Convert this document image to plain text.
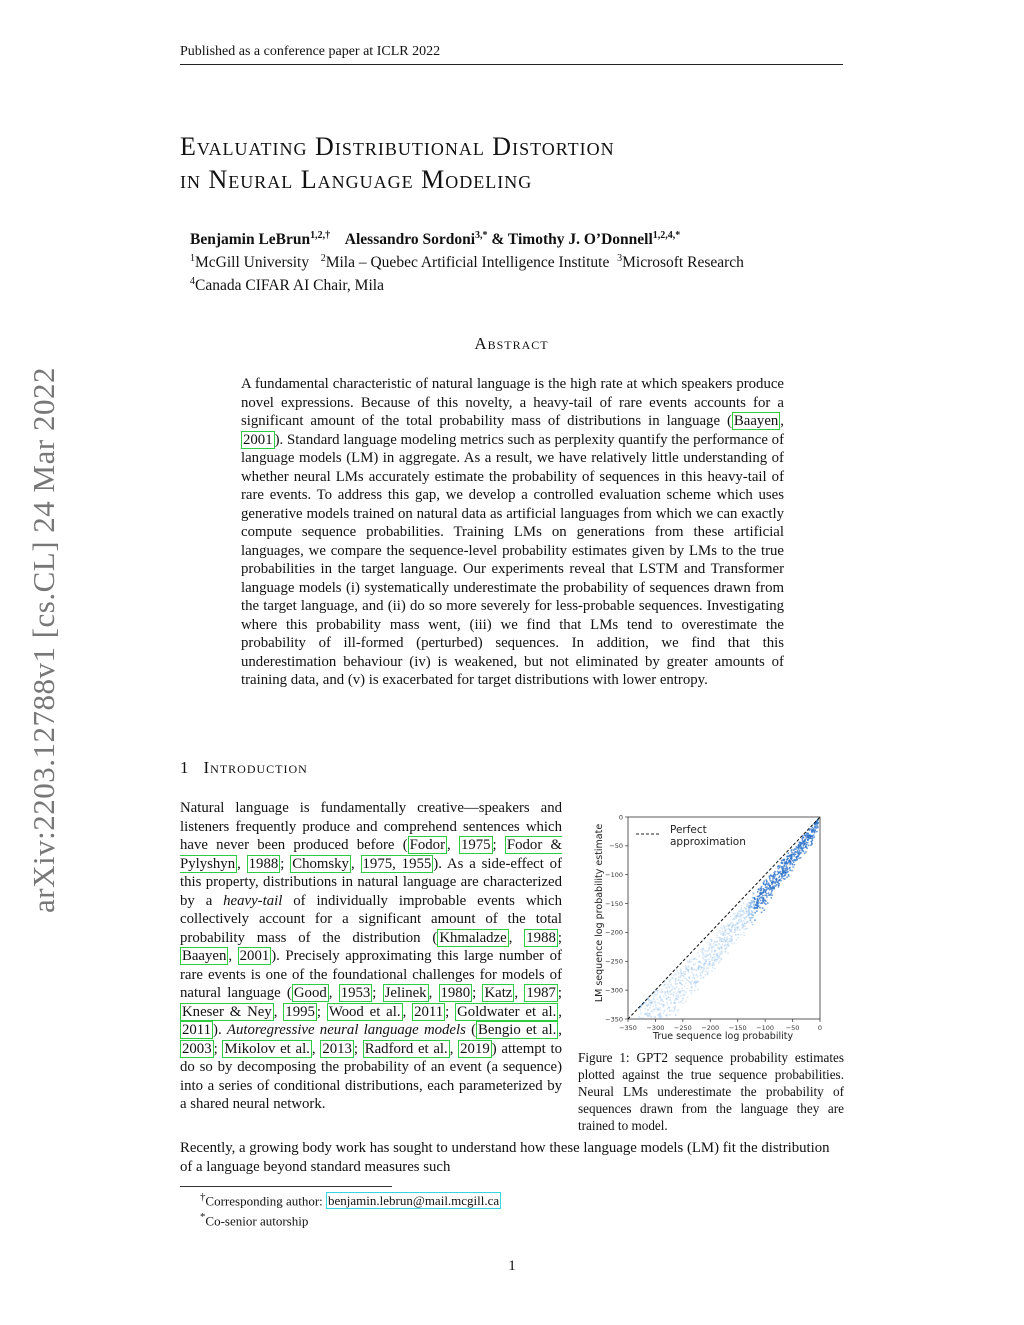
Published as a conference paper at ICLR 2022
arXiv:2203.12788v1 [cs.CL] 24 Mar 2022
Evaluating Distributional Distortion
in Neural Language Modeling
Benjamin LeBrun$^{1,2,\dagger}$ Alessandro Sordoni$^{3,*}$ & Timothy J. O’Donnell$^{1,2,4,*}$
$^1$McGill University $^2$Mila – Quebec Artificial Intelligence Institute $^3$Microsoft Research
$^4$Canada CIFAR AI Chair, Mila
Abstract
A fundamental characteristic of natural language is the high rate at which speakers produce novel expressions. Because of this novelty, a heavy-tail of rare events accounts for a significant amount of the total probability mass of distributions in language ( Baayen , 2001 ). Standard language modeling metrics such as perplexity quantify the performance of language models (LM) in aggregate. As a result, we have relatively little understanding of whether neural LMs accurately estimate the probability of sequences in this heavy-tail of rare events. To address this gap, we develop a controlled evaluation scheme which uses generative models trained on natural data as artificial languages from which we can exactly compute sequence probabilities. Training LMs on generations from these artificial languages, we compare the sequence-level probability estimates given by LMs to the true probabilities in the target language. Our experiments reveal that LSTM and Transformer language models (i) systematically underestimate the probability of sequences drawn from the target language, and (ii) do so more severely for less-probable sequences. Investigating where this probability mass went, (iii) we find that LMs tend to overestimate the probability of ill-formed (perturbed) sequences. In addition, we find that this underestimation behaviour (iv) is weakened, but not eliminated by greater amounts of training data, and (v) is exacerbated for target distributions with lower entropy.
1 Introduction
Natural language is fundamentally creative—speakers and listeners frequently produce and comprehend sentences which have never been produced before ( Fodor , 1975 ; Fodor & Pylyshyn , 1988 ; Chomsky , 1975, 1955 ). As a side-effect of this property, distributions in natural language are characterized by a heavy-tail of individually improbable events which collectively account for a significant amount of the total probability mass of the distribution ( Khmaladze , 1988 ; Baayen , 2001 ). Precisely approximating this large number of rare events is one of the foundational challenges for models of natural language ( Good , 1953 ; Jelinek , 1980 ; Katz , 1987 ; Kneser & Ney , 1995 ; Wood et al. , 2011 ; Goldwater et al. , 2011 ). Autoregressive neural language models ( Bengio et al. , 2003 ; Mikolov et al. , 2013 ; Radford et al. , 2019 ) attempt to do so by decomposing the probability of an event (a sequence) into a series of conditional distributions, each parameterized by a shared neural network.
Recently, a growing body work has sought to understand how these language models (LM) fit the distribution of a language beyond standard measures such
−350 −300 −250 −200 −150 −100 −50	0
−350
−300
−250
−200
−150
−100
−50
0
LM sequence log probability estimate
True sequence log probability
Perfect
approximation
Figure 1: GPT2 sequence probability estimates plotted against the true sequence probabilities. Neural LMs underestimate the probability of sequences drawn from the language they are trained to model.
†Corresponding author: benjamin.lebrun@mail.mcgill.ca
*Co-senior autorship
1
